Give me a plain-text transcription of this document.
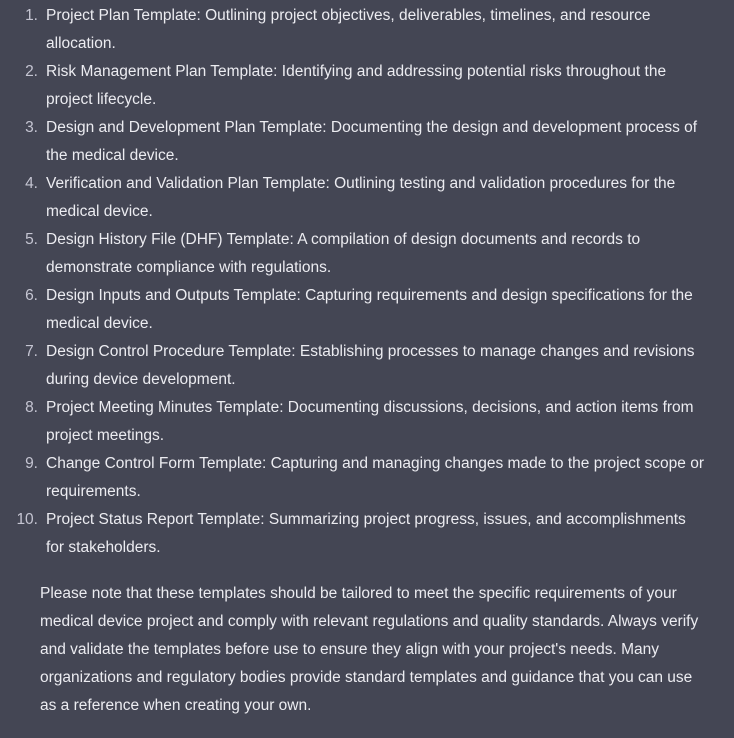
1. Project Plan Template: Outlining project objectives, deliverables, timelines, and resource allocation.
2. Risk Management Plan Template: Identifying and addressing potential risks throughout the project lifecycle.
3. Design and Development Plan Template: Documenting the design and development process of the medical device.
4. Verification and Validation Plan Template: Outlining testing and validation procedures for the medical device.
5. Design History File (DHF) Template: A compilation of design documents and records to demonstrate compliance with regulations.
6. Design Inputs and Outputs Template: Capturing requirements and design specifications for the medical device.
7. Design Control Procedure Template: Establishing processes to manage changes and revisions during device development.
8. Project Meeting Minutes Template: Documenting discussions, decisions, and action items from project meetings.
9. Change Control Form Template: Capturing and managing changes made to the project scope or requirements.
10. Project Status Report Template: Summarizing project progress, issues, and accomplishments for stakeholders.

Please note that these templates should be tailored to meet the specific requirements of your medical device project and comply with relevant regulations and quality standards. Always verify and validate the templates before use to ensure they align with your project's needs. Many organizations and regulatory bodies provide standard templates and guidance that you can use as a reference when creating your own.
